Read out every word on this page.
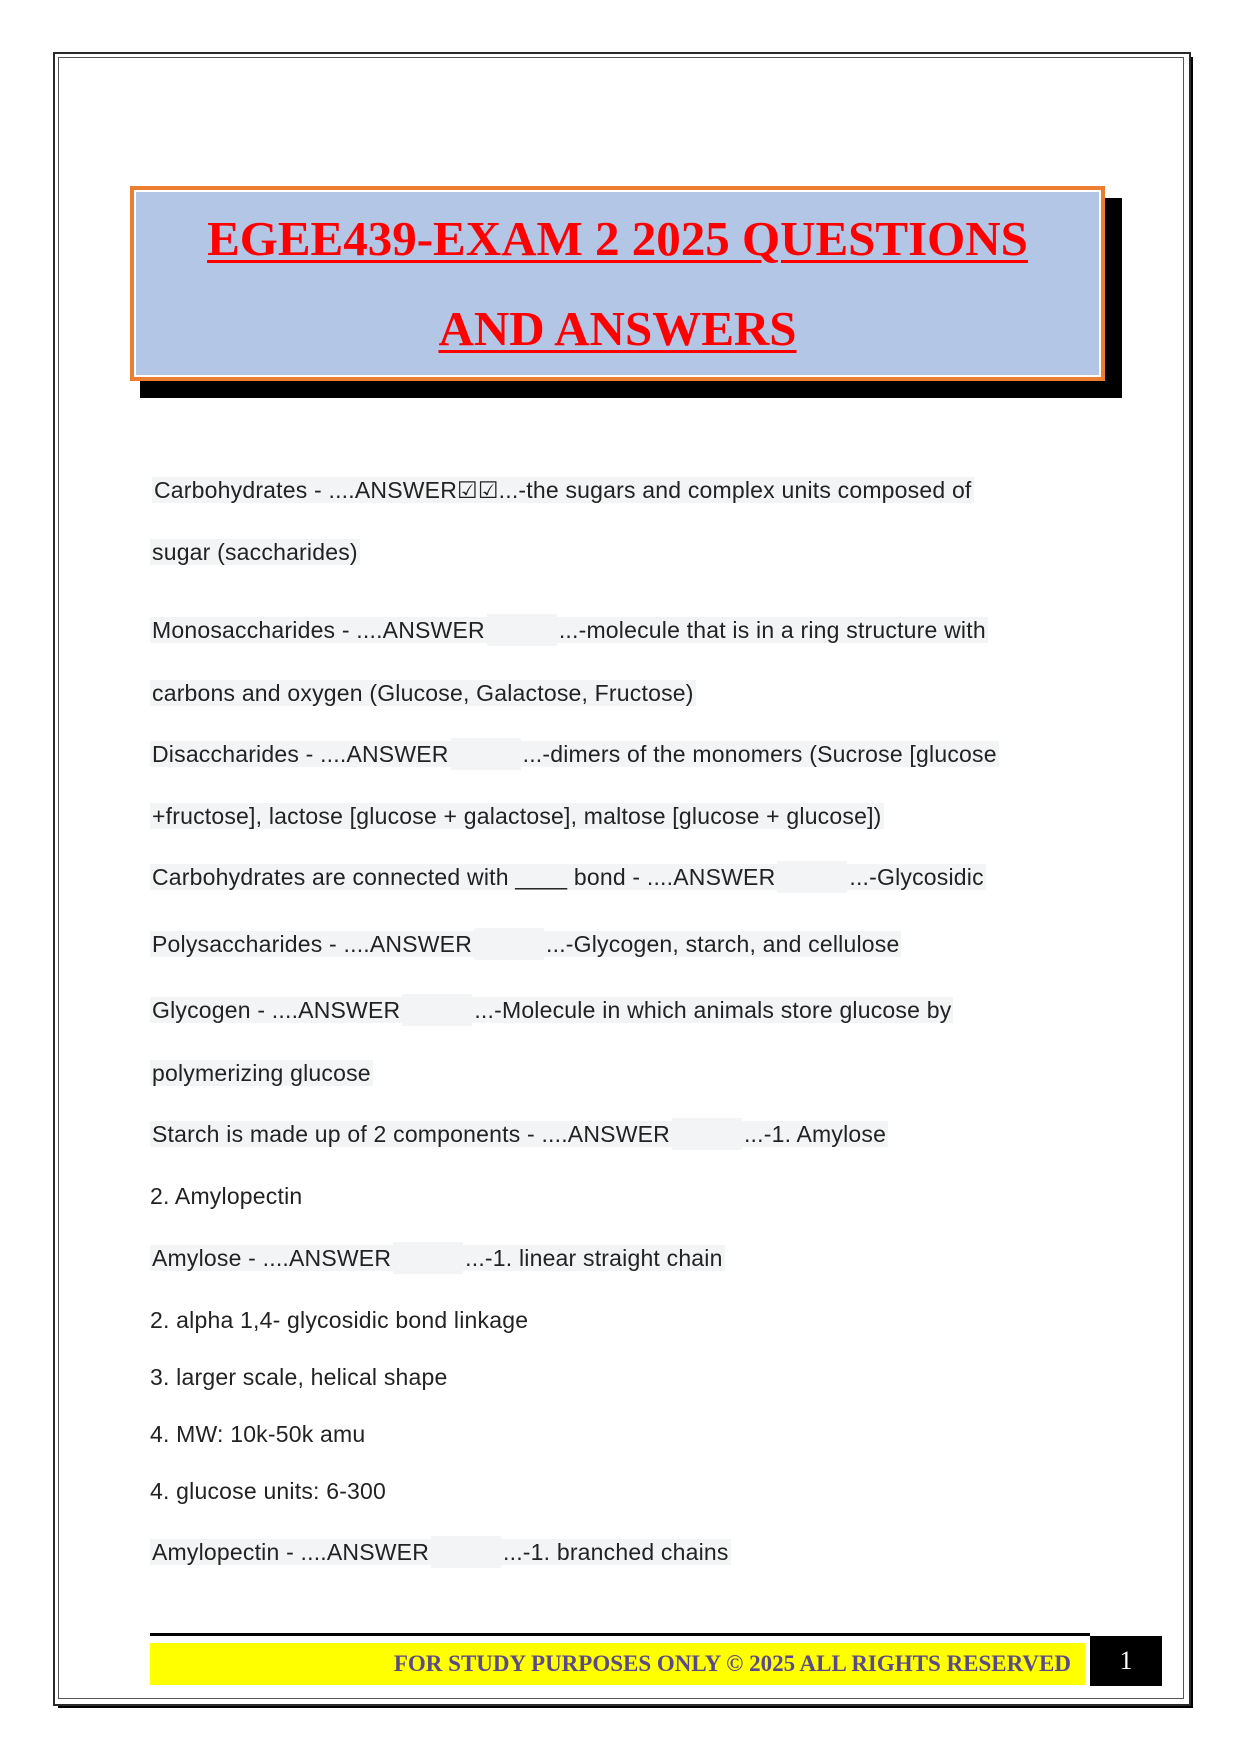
EGEE439-EXAM 2 2025 QUESTIONS
AND ANSWERS
Carbohydrates - ....ANSWER☑☑...-the sugars and complex units composed of
sugar (saccharides)
Monosaccharides - ....ANSWER	...-molecule that is in a ring structure with
carbons and oxygen (Glucose, Galactose, Fructose)
Disaccharides - ....ANSWER	...-dimers of the monomers (Sucrose [glucose
+fructose], lactose [glucose + galactose], maltose [glucose + glucose])
Carbohydrates are connected with ____ bond - ....ANSWER	...-Glycosidic
Polysaccharides - ....ANSWER	...-Glycogen, starch, and cellulose
Glycogen - ....ANSWER	...-Molecule in which animals store glucose by
polymerizing glucose
Starch is made up of 2 components - ....ANSWER	...-1. Amylose
2. Amylopectin
Amylose - ....ANSWER	...-1. linear straight chain
2. alpha 1,4- glycosidic bond linkage
3. larger scale, helical shape
4. MW: 10k-50k amu
4. glucose units: 6-300
Amylopectin - ....ANSWER	...-1. branched chains
FOR STUDY PURPOSES ONLY © 2025 ALL RIGHTS RESERVED 1
